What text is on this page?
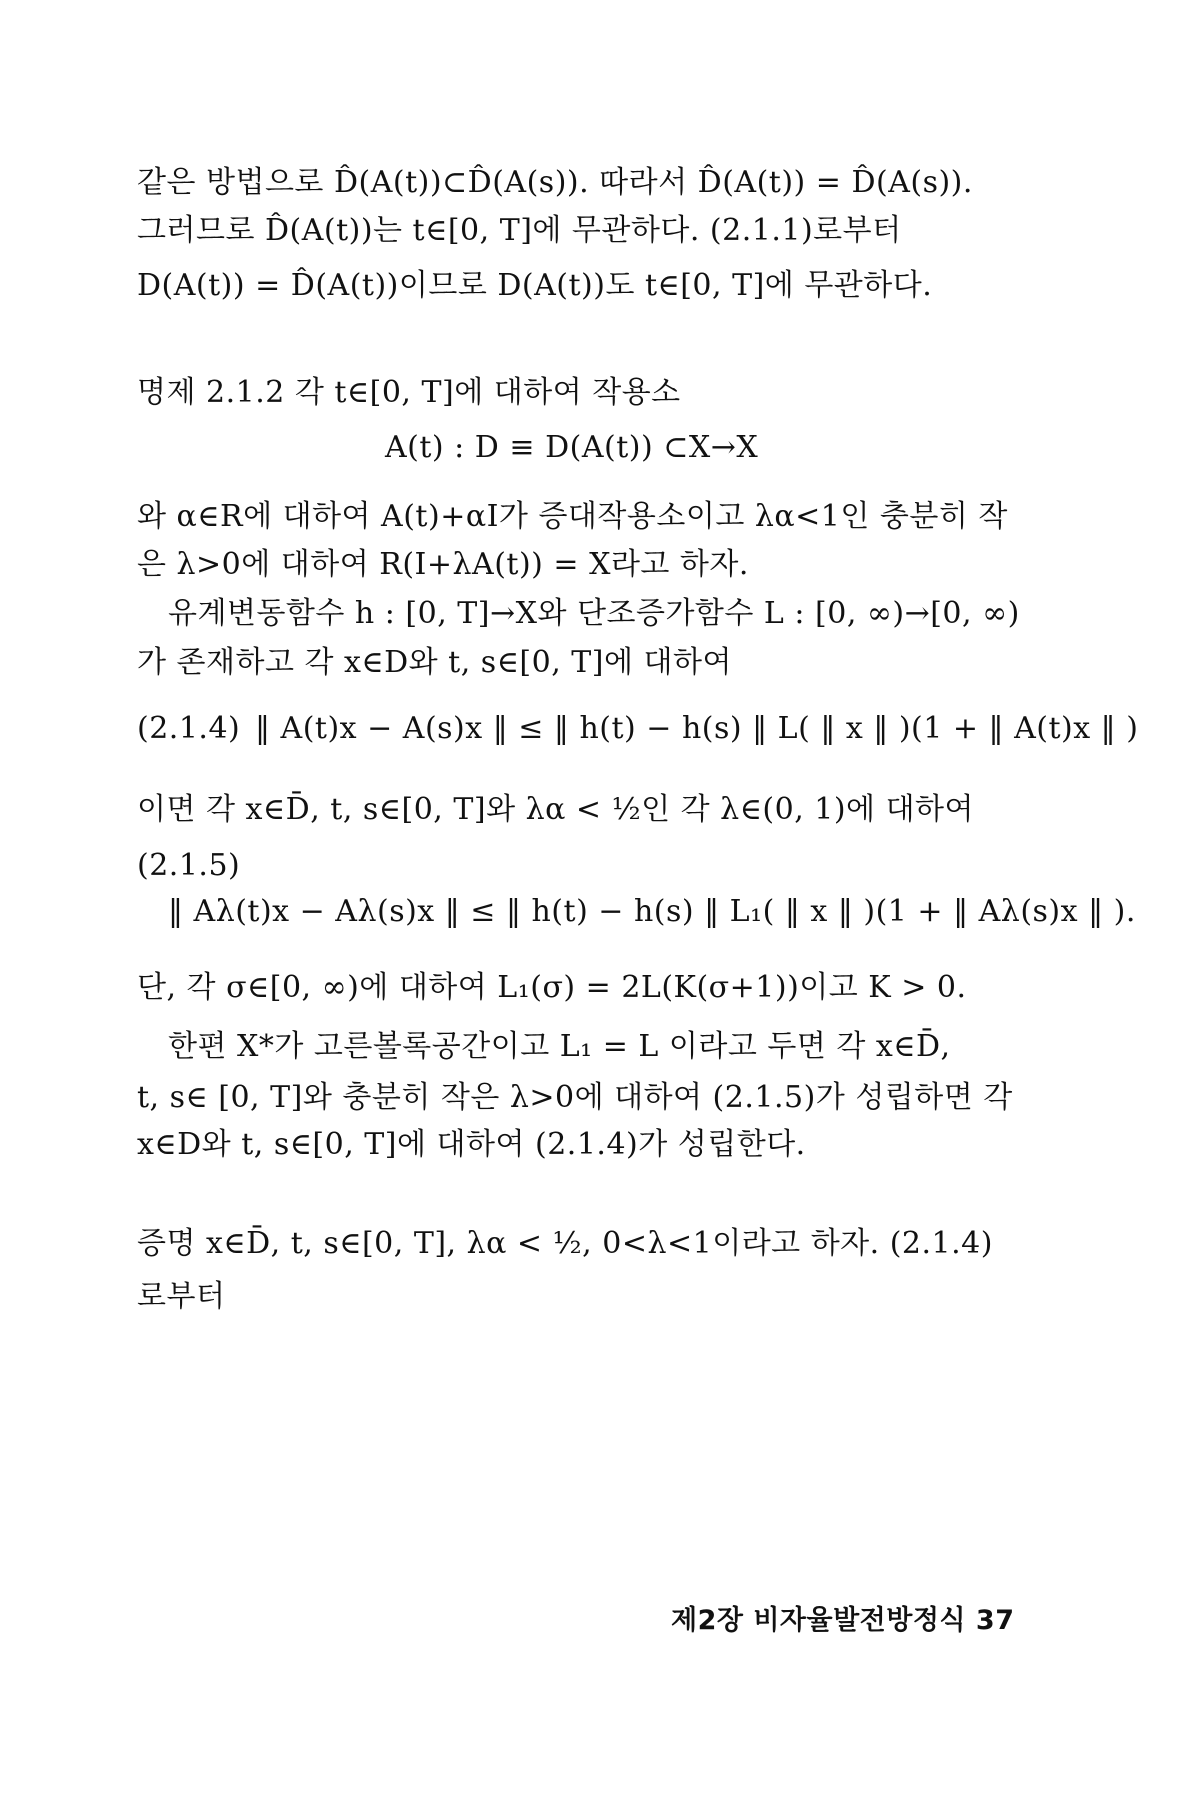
같은 방법으로 D̂(A(t))⊂D̂(A(s)). 따라서 D̂(A(t)) = D̂(A(s)).
그러므로 D̂(A(t))는 t∈[0, T]에 무관하다. (2.1.1)로부터
D(A(t)) = D̂(A(t))이므로 D(A(t))도 t∈[0, T]에 무관하다.
명제 2.1.2 각 t∈[0, T]에 대하여 작용소
A(t) : D ≡ D(A(t)) ⊂X→X
와 α∈R에 대하여 A(t)+αI가 증대작용소이고 λα<1인 충분히 작
은 λ>0에 대하여 R(I+λA(t)) = X라고 하자.
유계변동함수 h : [0, T]→X와 단조증가함수 L : [0, ∞)→[0, ∞)
가 존재하고 각 x∈D와 t, s∈[0, T]에 대하여
(2.1.4) ‖ A(t)x − A(s)x ‖ ≤ ‖ h(t) − h(s) ‖ L( ‖ x ‖ )(1 + ‖ A(t)x ‖ )
이면 각 x∈D̄, t, s∈[0, T]와 λα < ½인 각 λ∈(0, 1)에 대하여
(2.1.5)
‖ Aλ(t)x − Aλ(s)x ‖ ≤ ‖ h(t) − h(s) ‖ L₁( ‖ x ‖ )(1 + ‖ Aλ(s)x ‖ ).
단, 각 σ∈[0, ∞)에 대하여 L₁(σ) = 2L(K(σ+1))이고 K > 0.
한편 X*가 고른볼록공간이고 L₁ = L 이라고 두면 각 x∈D̄,
t, s∈ [0, T]와 충분히 작은 λ>0에 대하여 (2.1.5)가 성립하면 각
x∈D와 t, s∈[0, T]에 대하여 (2.1.4)가 성립한다.
증명 x∈D̄, t, s∈[0, T], λα < ½, 0<λ<1이라고 하자. (2.1.4)
로부터
제2장 비자율발전방정식 37
